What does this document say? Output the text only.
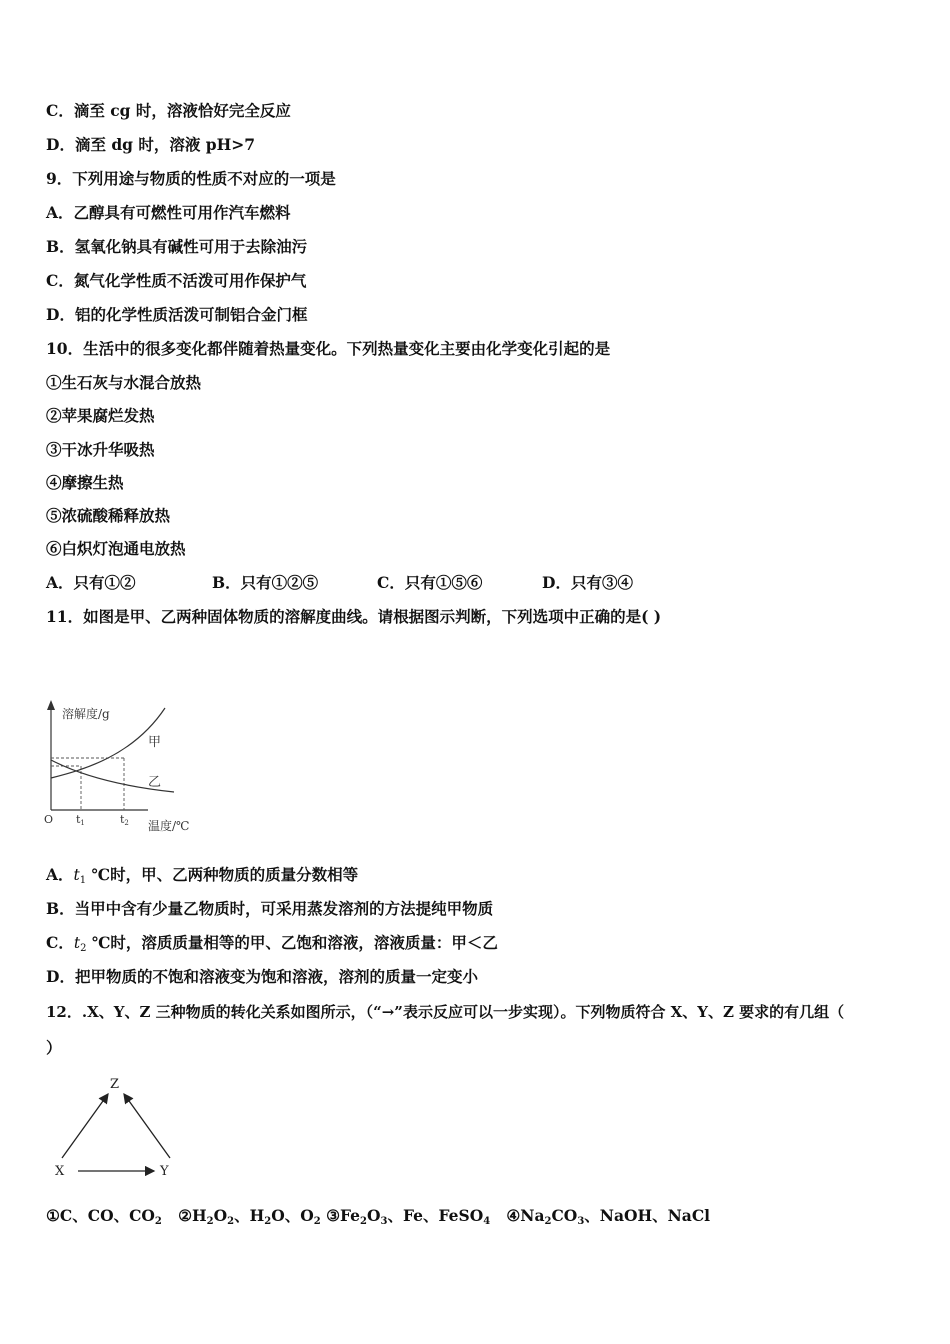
C．滴至 cg 时，溶液恰好完全反应
D．滴至 dg 时，溶液 pH>7
9．下列用途与物质的性质不对应的一项是
A．乙醇具有可燃性可用作汽车燃料
B．氢氧化钠具有碱性可用于去除油污
C．氮气化学性质不活泼可用作保护气
D．铝的化学性质活泼可制铝合金门框
10．生活中的很多变化都伴随着热量变化。下列热量变化主要由化学变化引起的是
①生石灰与水混合放热
②苹果腐烂发热
③干冰升华吸热
④摩擦生热
⑤浓硫酸稀释放热
⑥白炽灯泡通电放热
A．只有①②	B．只有①②⑤	C．只有①⑤⑥	D．只有③④
11．如图是甲、乙两种固体物质的溶解度曲线。请根据图示判断，下列选项中正确的是( )
溶解度/g
温度/℃
O t1	t2
甲
乙
A．$t_1$ ℃时，甲、乙两种物质的质量分数相等
B．当甲中含有少量乙物质时，可采用蒸发溶剂的方法提纯甲物质
C．$t_2$ ℃时，溶质质量相等的甲、乙饱和溶液，溶液质量：甲＜乙
D．把甲物质的不饱和溶液变为饱和溶液，溶剂的质量一定变小
12．.X、Y、Z 三种物质的转化关系如图所示，（“→”表示反应可以一步实现）。下列物质符合 X、Y、Z 要求的有几组（
）
Z
X	Y
①C、CO、$CO_2$ $②H_2O_2$、$H_2O$、$O_2$ $③Fe_2O_3$、Fe、FeSO$_4$ $④Na_2CO_3$、NaOH、NaCl
